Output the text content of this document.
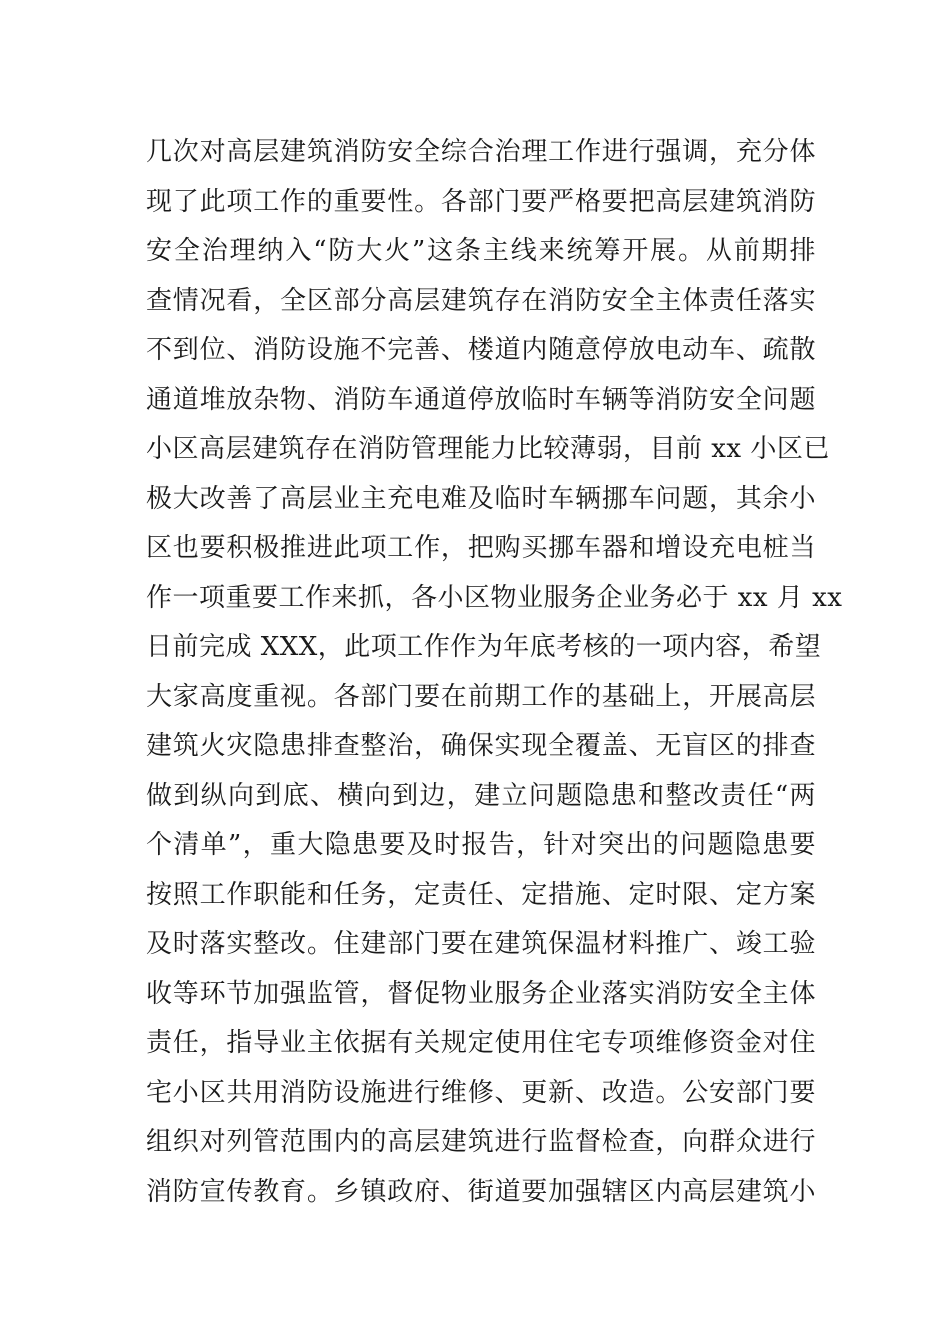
几次对高层建筑消防安全综合治理工作进行强调，充分体
现了此项工作的重要性。各部门要严格要把高层建筑消防
安全治理纳入“防大火”这条主线来统筹开展。从前期排
查情况看，全区部分高层建筑存在消防安全主体责任落实
不到位、消防设施不完善、楼道内随意停放电动车、疏散
通道堆放杂物、消防车通道停放临时车辆等消防安全问题
小区高层建筑存在消防管理能力比较薄弱，目前 xx 小区已
极大改善了高层业主充电难及临时车辆挪车问题，其余小
区也要积极推进此项工作，把购买挪车器和增设充电桩当
作一项重要工作来抓，各小区物业服务企业务必于 xx 月 xx
日前完成 XXX，此项工作作为年底考核的一项内容，希望
大家高度重视。各部门要在前期工作的基础上，开展高层
建筑火灾隐患排查整治，确保实现全覆盖、无盲区的排查
做到纵向到底、横向到边，建立问题隐患和整改责任“两
个清单”，重大隐患要及时报告，针对突出的问题隐患要
按照工作职能和任务，定责任、定措施、定时限、定方案
及时落实整改。住建部门要在建筑保温材料推广、竣工验
收等环节加强监管，督促物业服务企业落实消防安全主体
责任，指导业主依据有关规定使用住宅专项维修资金对住
宅小区共用消防设施进行维修、更新、改造。公安部门要
组织对列管范围内的高层建筑进行监督检查，向群众进行
消防宣传教育。乡镇政府、街道要加强辖区内高层建筑小
